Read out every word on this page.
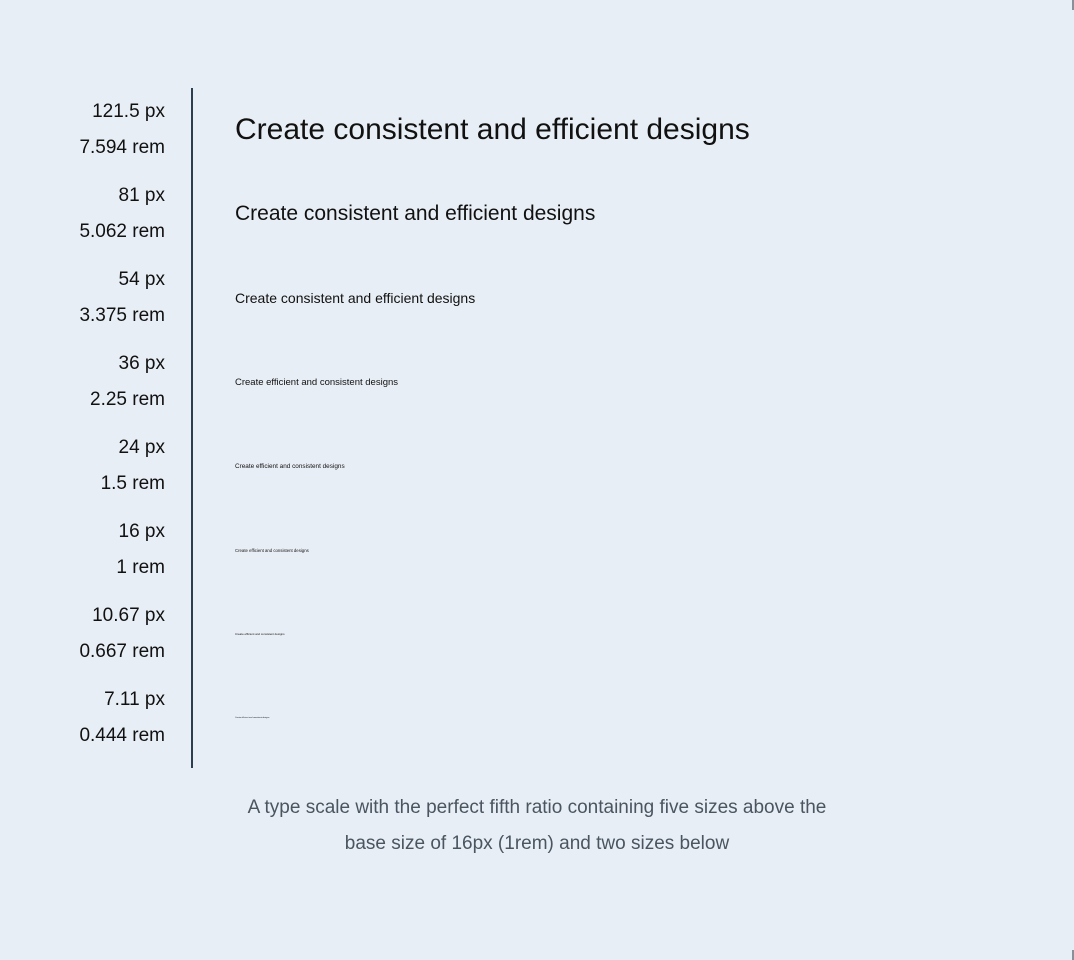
121.5 px
7.594 rem
Create consistent and efficient designs
81 px
5.062 rem
Create consistent and efficient designs
54 px
3.375 rem
Create consistent and efficient designs
36 px
2.25 rem
Create efficient and consistent designs
24 px
1.5 rem
Create efficient and consistent designs
16 px
1 rem
Create efficient and consistent designs
10.67 px
0.667 rem
Create efficient and consistent designs
7.11 px
0.444 rem
Create efficient and consistent designs
A type scale with the perfect fifth ratio containing five sizes above the
base size of 16px (1rem) and two sizes below
